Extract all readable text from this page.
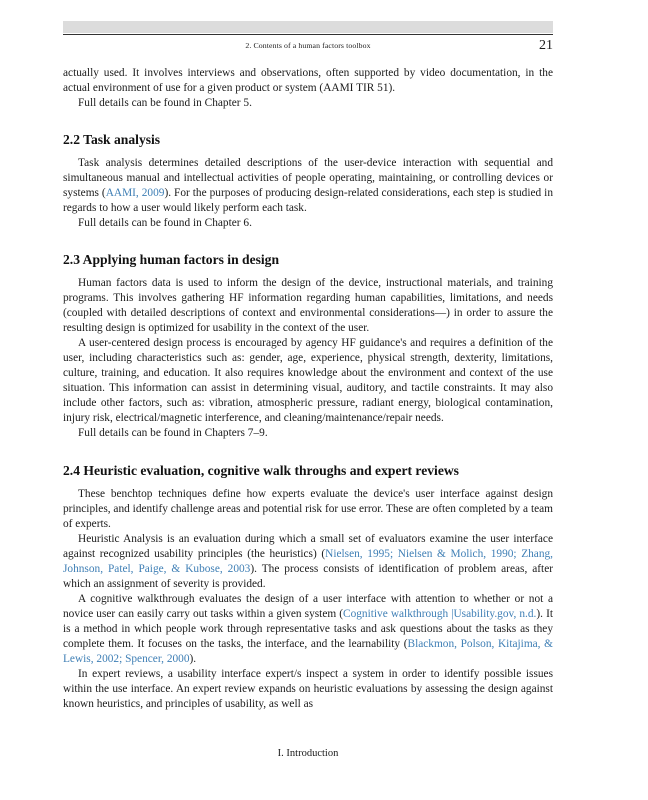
2. Contents of a human factors toolbox	21

actually used. It involves interviews and observations, often supported by video documentation, in the actual environment of use for a given product or system (AAMI TIR 51).

Full details can be found in Chapter 5.

2.2 Task analysis

Task analysis determines detailed descriptions of the user-device interaction with sequential and simultaneous manual and intellectual activities of people operating, maintaining, or controlling devices or systems (AAMI, 2009). For the purposes of producing design-related considerations, each step is studied in regards to how a user would likely perform each task.

Full details can be found in Chapter 6.

2.3 Applying human factors in design

Human factors data is used to inform the design of the device, instructional materials, and training programs. This involves gathering HF information regarding human capabilities, limitations, and needs (coupled with detailed descriptions of context and environmental considerations—) in order to assure the resulting design is optimized for usability in the context of the user.

A user-centered design process is encouraged by agency HF guidance's and requires a definition of the user, including characteristics such as: gender, age, experience, physical strength, dexterity, limitations, culture, training, and education. It also requires knowledge about the environment and context of the use situation. This information can assist in determining visual, auditory, and tactile constraints. It may also include other factors, such as: vibration, atmospheric pressure, radiant energy, biological contamination, injury risk, electrical/magnetic interference, and cleaning/maintenance/repair needs.

Full details can be found in Chapters 7–9.

2.4 Heuristic evaluation, cognitive walk throughs and expert reviews

These benchtop techniques define how experts evaluate the device's user interface against design principles, and identify challenge areas and potential risk for use error. These are often completed by a team of experts.

Heuristic Analysis is an evaluation during which a small set of evaluators examine the user interface against recognized usability principles (the heuristics) (Nielsen, 1995; Nielsen & Molich, 1990; Zhang, Johnson, Patel, Paige, & Kubose, 2003). The process consists of identification of problem areas, after which an assignment of severity is provided.

A cognitive walkthrough evaluates the design of a user interface with attention to whether or not a novice user can easily carry out tasks within a given system (Cognitive walkthrough |Usability.gov, n.d.). It is a method in which people work through representative tasks and ask questions about the tasks as they complete them. It focuses on the tasks, the interface, and the learnability (Blackmon, Polson, Kitajima, & Lewis, 2002; Spencer, 2000).

In expert reviews, a usability interface expert/s inspect a system in order to identify possible issues within the use interface. An expert review expands on heuristic evaluations by assessing the design against known heuristics, and principles of usability, as well as

I. Introduction
